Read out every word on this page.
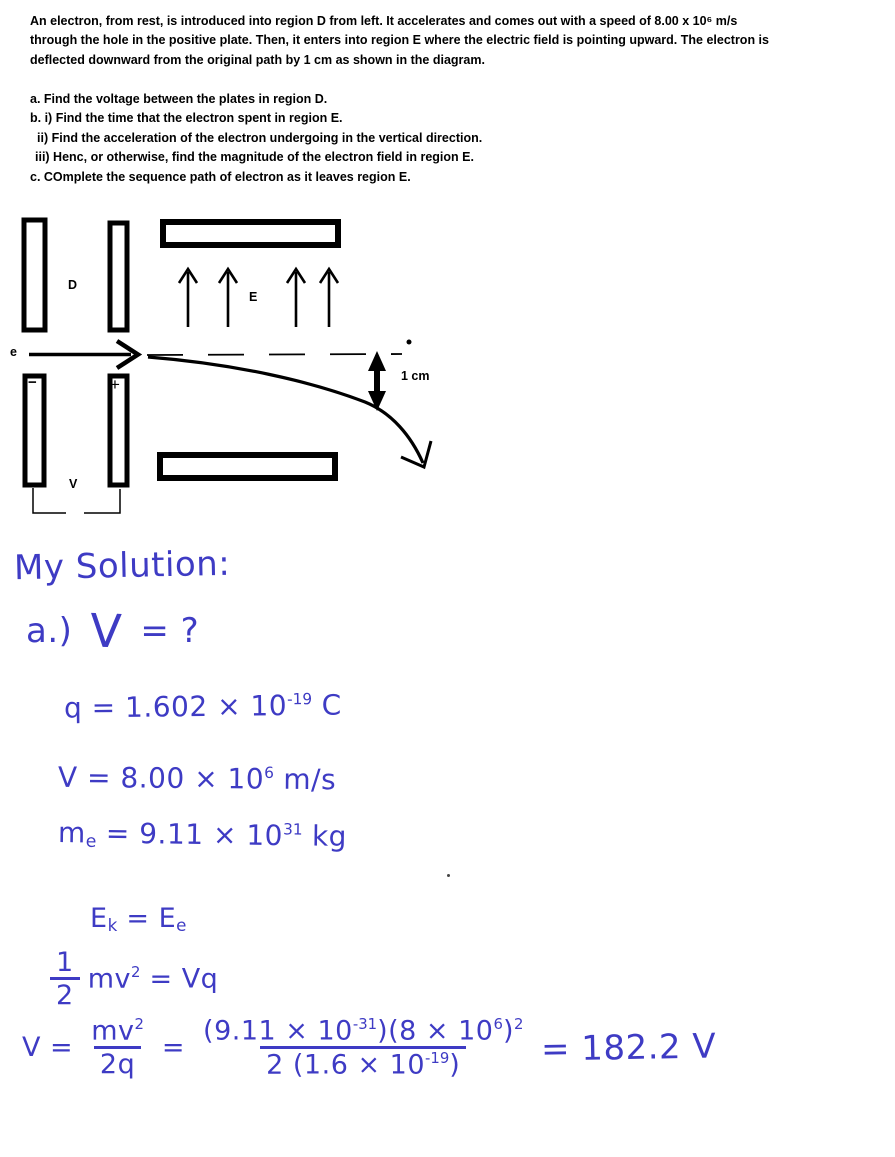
An electron, from rest, is introduced into region D from left. It accelerates and comes out with a speed of 8.00 x 10⁶ m/s
through the hole in the positive plate. Then, it enters into region E where the electric field is pointing upward. The electron is
deflected downward from the original path by 1 cm as shown in the diagram.
a. Find the voltage between the plates in region D.
b. i) Find the time that the electron spent in region E.
ii) Find the acceleration of the electron undergoing in the vertical direction.
iii) Henc, or otherwise, find the magnitude of the electron field in region E.
c. COmplete the sequence path of electron as it leaves region E.
e
D
E
−	+
V
1 cm
My Solution:
a.) V = ?
$q = 1.602 \times 10^{-19}$ C
$V = 8.00 \times 10^6$ m/s
me = $9.11 \times 10^{31}$ kg
Ek = Ee
$\frac{1}{2} mv^2 = Vq$
$V = \frac{mv^2}{2q} = \frac{(9.11 \times 10^{-31})(8 \times 10^6)^2}{2 (1.6 \times 10^{-19})} = 182.2$ V
